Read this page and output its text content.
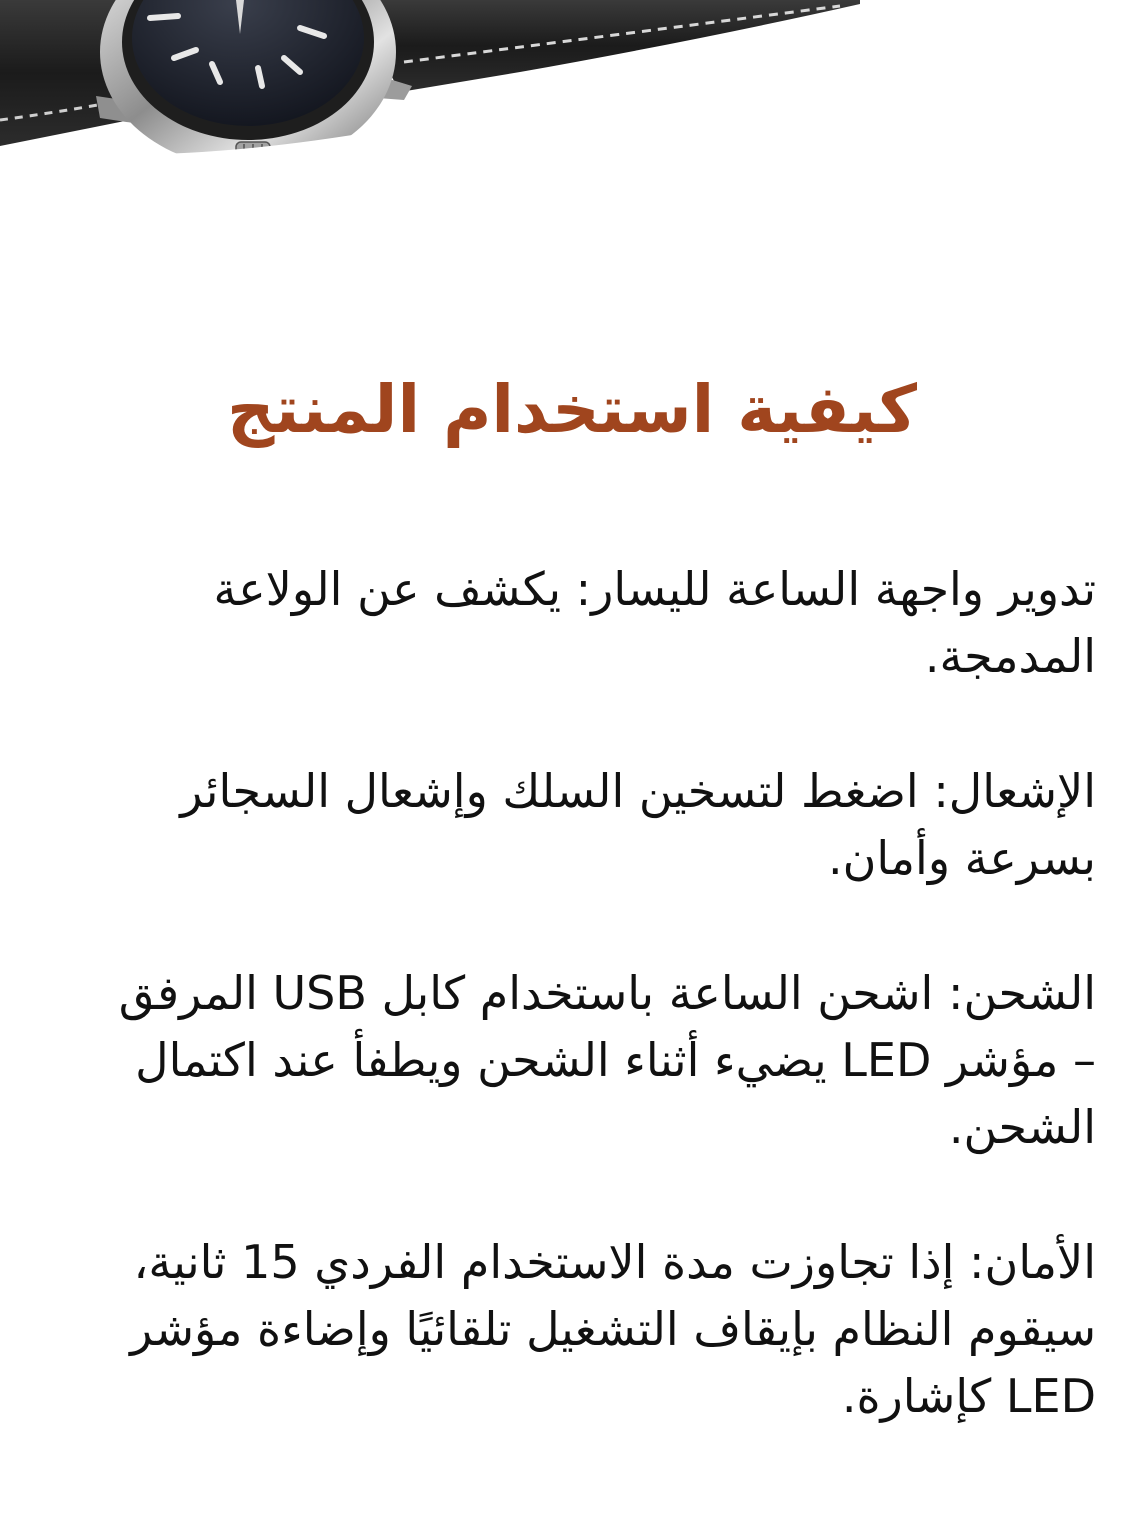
كيفية استخدام المنتج

تدوير واجهة الساعة لليسار: يكشف عن الولاعة المدمجة.

الإشعال: اضغط لتسخين السلك وإشعال السجائر بسرعة وأمان.

الشحن: اشحن الساعة باستخدام كابل USB المرفق – مؤشر LED يضيء أثناء الشحن ويطفأ عند اكتمال الشحن.

الأمان: إذا تجاوزت مدة الاستخدام الفردي 15 ثانية، سيقوم النظام بإيقاف التشغيل تلقائيًا وإضاءة مؤشر LED كإشارة.
